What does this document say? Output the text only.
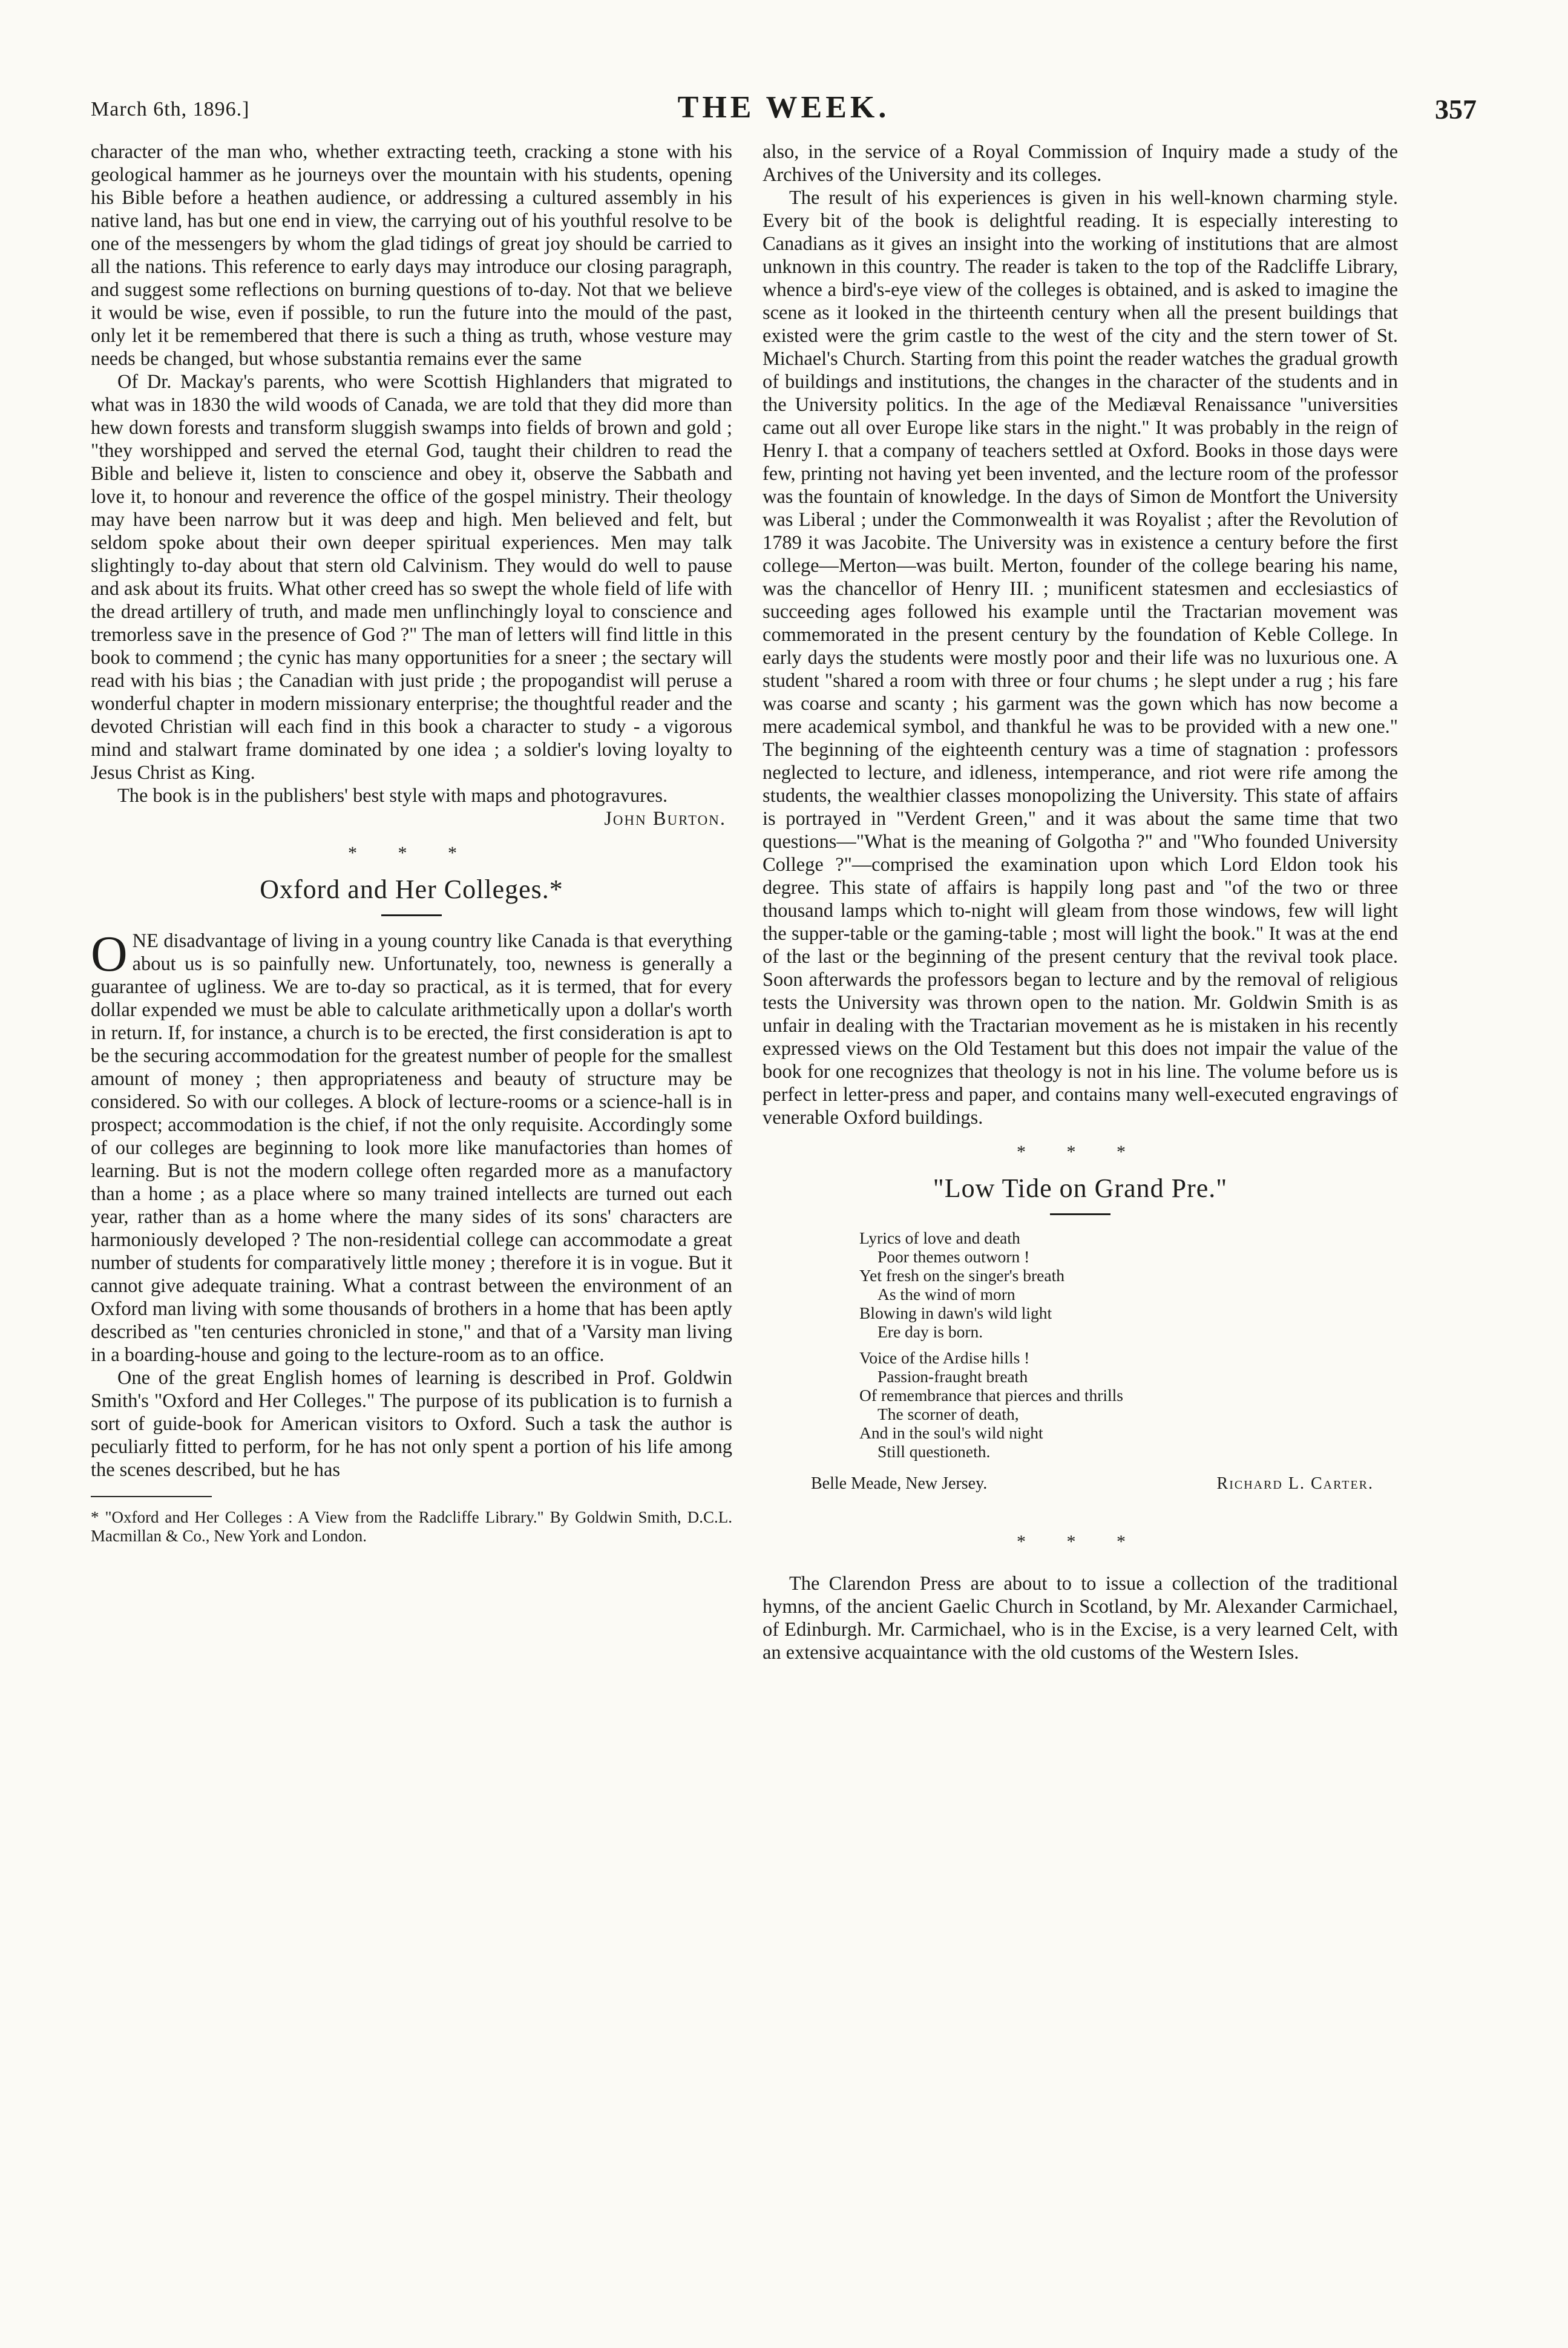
March 6th, 1896.]	THE WEEK.	357

character of the man who, whether extracting teeth, cracking a stone with his geological hammer as he journeys over the mountain with his students, opening his Bible before a heathen audience, or addressing a cultured assembly in his native land, has but one end in view, the carrying out of his youthful resolve to be one of the messengers by whom the glad tidings of great joy should be carried to all the nations. This reference to early days may introduce our closing paragraph, and suggest some reflections on burning questions of to-day. Not that we believe it would be wise, even if possible, to run the future into the mould of the past, only let it be remembered that there is such a thing as truth, whose vesture may needs be changed, but whose substantia remains ever the same

Of Dr. Mackay's parents, who were Scottish Highlanders that migrated to what was in 1830 the wild woods of Canada, we are told that they did more than hew down forests and transform sluggish swamps into fields of brown and gold ; "they worshipped and served the eternal God, taught their children to read the Bible and believe it, listen to conscience and obey it, observe the Sabbath and love it, to honour and reverence the office of the gospel ministry. Their theology may have been narrow but it was deep and high. Men believed and felt, but seldom spoke about their own deeper spiritual experiences. Men may talk slightingly to-day about that stern old Calvinism. They would do well to pause and ask about its fruits. What other creed has so swept the whole field of life with the dread artillery of truth, and made men unflinchingly loyal to conscience and tremorless save in the presence of God ?" The man of letters will find little in this book to commend ; the cynic has many opportunities for a sneer ; the sectary will read with his bias ; the Canadian with just pride ; the propogandist will peruse a wonderful chapter in modern missionary enterprise; the thoughtful reader and the devoted Christian will each find in this book a character to study - a vigorous mind and stalwart frame dominated by one idea ; a soldier's loving loyalty to Jesus Christ as King.

The book is in the publishers' best style with maps and photogravures.

John Burton.
* * *
Oxford and Her Colleges.*

ONE disadvantage of living in a young country like Canada is that everything about us is so painfully new. Unfortunately, too, newness is generally a guarantee of ugliness. We are to-day so practical, as it is termed, that for every dollar expended we must be able to calculate arithmetically upon a dollar's worth in return. If, for instance, a church is to be erected, the first consideration is apt to be the securing accommodation for the greatest number of people for the smallest amount of money ; then appropriateness and beauty of structure may be considered. So with our colleges. A block of lecture-rooms or a science-hall is in prospect; accommodation is the chief, if not the only requisite. Accordingly some of our colleges are beginning to look more like manufactories than homes of learning. But is not the modern college often regarded more as a manufactory than a home ; as a place where so many trained intellects are turned out each year, rather than as a home where the many sides of its sons' characters are harmoniously developed ? The non-residential college can accommodate a great number of students for comparatively little money ; therefore it is in vogue. But it cannot give adequate training. What a contrast between the environment of an Oxford man living with some thousands of brothers in a home that has been aptly described as "ten centuries chronicled in stone," and that of a 'Varsity man living in a boarding-house and going to the lecture-room as to an office.

One of the great English homes of learning is described in Prof. Goldwin Smith's "Oxford and Her Colleges." The purpose of its publication is to furnish a sort of guide-book for American visitors to Oxford. Such a task the author is peculiarly fitted to perform, for he has not only spent a portion of his life among the scenes described, but he has

* "Oxford and Her Colleges : A View from the Radcliffe Library." By Goldwin Smith, D.C.L. Macmillan & Co., New York and London.

also, in the service of a Royal Commission of Inquiry made a study of the Archives of the University and its colleges.

The result of his experiences is given in his well-known charming style. Every bit of the book is delightful reading. It is especially interesting to Canadians as it gives an insight into the working of institutions that are almost unknown in this country. The reader is taken to the top of the Radcliffe Library, whence a bird's-eye view of the colleges is obtained, and is asked to imagine the scene as it looked in the thirteenth century when all the present buildings that existed were the grim castle to the west of the city and the stern tower of St. Michael's Church. Starting from this point the reader watches the gradual growth of buildings and institutions, the changes in the character of the students and in the University politics. In the age of the Mediæval Renaissance "universities came out all over Europe like stars in the night." It was probably in the reign of Henry I. that a company of teachers settled at Oxford. Books in those days were few, printing not having yet been invented, and the lecture room of the professor was the fountain of knowledge. In the days of Simon de Montfort the University was Liberal ; under the Commonwealth it was Royalist ; after the Revolution of 1789 it was Jacobite. The University was in existence a century before the first college—Merton—was built. Merton, founder of the college bearing his name, was the chancellor of Henry III. ; munificent statesmen and ecclesiastics of succeeding ages followed his example until the Tractarian movement was commemorated in the present century by the foundation of Keble College. In early days the students were mostly poor and their life was no luxurious one. A student "shared a room with three or four chums ; he slept under a rug ; his fare was coarse and scanty ; his garment was the gown which has now become a mere academical symbol, and thankful he was to be provided with a new one." The beginning of the eighteenth century was a time of stagnation : professors neglected to lecture, and idleness, intemperance, and riot were rife among the students, the wealthier classes monopolizing the University. This state of affairs is portrayed in "Verdent Green," and it was about the same time that two questions—"What is the meaning of Golgotha ?" and "Who founded University College ?"—comprised the examination upon which Lord Eldon took his degree. This state of affairs is happily long past and "of the two or three thousand lamps which to-night will gleam from those windows, few will light the supper-table or the gaming-table ; most will light the book." It was at the end of the last or the beginning of the present century that the revival took place. Soon afterwards the professors began to lecture and by the removal of religious tests the University was thrown open to the nation. Mr. Goldwin Smith is as unfair in dealing with the Tractarian movement as he is mistaken in his recently expressed views on the Old Testament but this does not impair the value of the book for one recognizes that theology is not in his line. The volume before us is perfect in letter-press and paper, and contains many well-executed engravings of venerable Oxford buildings.

* * *
"Low Tide on Grand Pre."
Lyrics of love and death
Poor themes outworn !
Yet fresh on the singer's breath
As the wind of morn
Blowing in dawn's wild light
Ere day is born.
Voice of the Ardise hills !
Passion-fraught breath
Of remembrance that pierces and thrills
The scorner of death,
And in the soul's wild night
Still questioneth.
Belle Meade, New Jersey.	Richard L. Carter.
* * *

The Clarendon Press are about to to issue a collection of the traditional hymns, of the ancient Gaelic Church in Scotland, by Mr. Alexander Carmichael, of Edinburgh. Mr. Carmichael, who is in the Excise, is a very learned Celt, with an extensive acquaintance with the old customs of the Western Isles.
